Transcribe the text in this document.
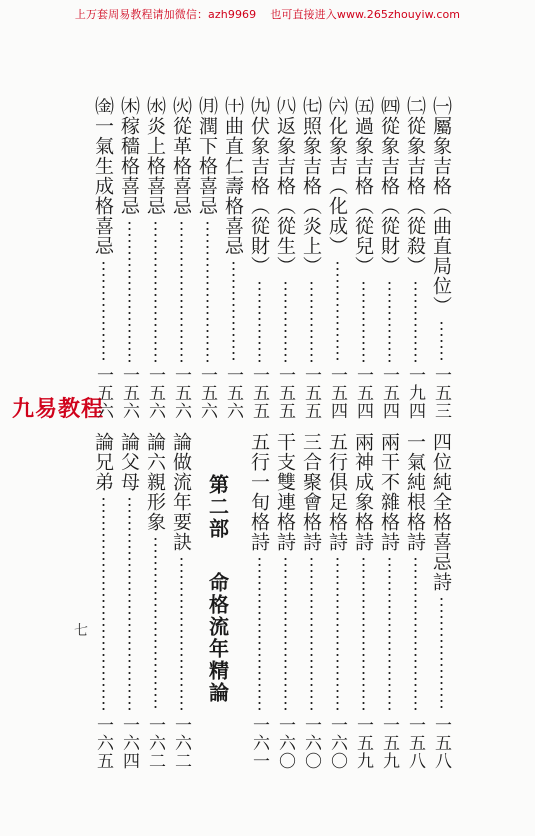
上万套周易教程请加微信：azh9969 也可直接进入www.265zhouyiw.com
九易教程
㈠屬象吉格（曲直局位）
一五三
㈡從象吉格（從殺）
一九四
㈣從象吉格（從財）
一五四
㈤過象吉格（從兒）
一五四
㈥化象吉（化成）
一五四
㈦照象吉格（炎上）
一五五
㈧返象吉格（從生）
一五五
㈨伏象吉格（從財）
一五五
㈩曲直仁壽格喜忌
一五六
㈪潤下格喜忌
一五六
㈫從革格喜忌
一五六
㈬炎上格喜忌
一五六
㈭稼穡格喜忌
一五六
㈮一氣生成格喜忌
一五六
四位純全格喜忌詩
一五八
一氣純根格詩
一五八
兩干不雜格詩
一五九
兩神成象格詩
一五九
五行俱足格詩
一六〇
三合聚會格詩
一六〇
干支雙連格詩
一六〇
五行一旬格詩
一六一
論做流年要訣
一六二
論六親形象
一六二
論父母
一六四
論兄弟
一六五
第二部
命格流年精論
七
